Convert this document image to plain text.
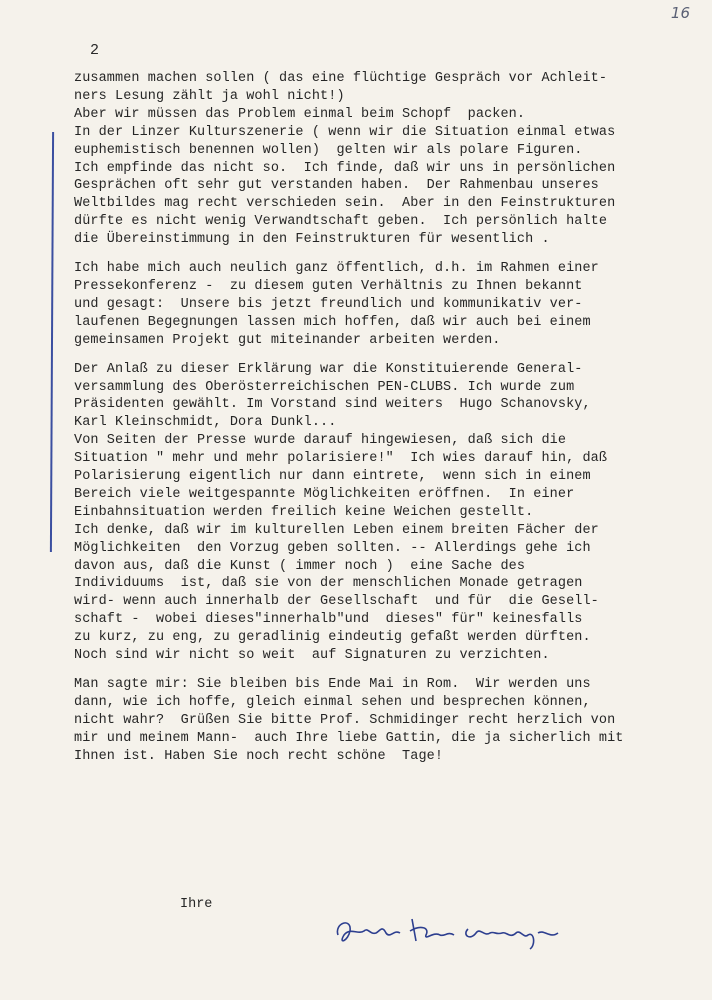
16
2
zusammen machen sollen ( das eine flüchtige Gespräch vor Achleit-
ners Lesung zählt ja wohl nicht!)
Aber wir müssen das Problem einmal beim Schopf  packen.
In der Linzer Kulturszenerie ( wenn wir die Situation einmal etwas
euphemistisch benennen wollen)  gelten wir als polare Figuren.
Ich empfinde das nicht so.  Ich finde, daß wir uns in persönlichen
Gesprächen oft sehr gut verstanden haben.  Der Rahmenbau unseres
Weltbildes mag recht verschieden sein.  Aber in den Feinstrukturen
dürfte es nicht wenig Verwandtschaft geben.  Ich persönlich halte
die Übereinstimmung in den Feinstrukturen für wesentlich .
Ich habe mich auch neulich ganz öffentlich, d.h. im Rahmen einer
Pressekonferenz -  zu diesem guten Verhältnis zu Ihnen bekannt
und gesagt:  Unsere bis jetzt freundlich und kommunikativ ver-
laufenen Begegnungen lassen mich hoffen, daß wir auch bei einem
gemeinsamen Projekt gut miteinander arbeiten werden.
Der Anlaß zu dieser Erklärung war die Konstituierende General-
versammlung des Oberösterreichischen PEN-CLUBS. Ich wurde zum
Präsidenten gewählt. Im Vorstand sind weiters  Hugo Schanovsky,
Karl Kleinschmidt, Dora Dunkl...
Von Seiten der Presse wurde darauf hingewiesen, daß sich die
Situation " mehr und mehr polarisiere!"  Ich wies darauf hin, daß
Polarisierung eigentlich nur dann eintrete,  wenn sich in einem
Bereich viele weitgespannte Möglichkeiten eröffnen.  In einer
Einbahnsituation werden freilich keine Weichen gestellt.
Ich denke, daß wir im kulturellen Leben einem breiten Fächer der
Möglichkeiten  den Vorzug geben sollten. -- Allerdings gehe ich
davon aus, daß die Kunst ( immer noch )  eine Sache des
Individuums  ist, daß sie von der menschlichen Monade getragen
wird- wenn auch innerhalb der Gesellschaft  und für  die Gesell-
schaft -  wobei dieses"innerhalb"und  dieses" für" keinesfalls
zu kurz, zu eng, zu geradlinig eindeutig gefaßt werden dürften.
Noch sind wir nicht so weit  auf Signaturen zu verzichten.
Man sagte mir: Sie bleiben bis Ende Mai in Rom.  Wir werden uns
dann, wie ich hoffe, gleich einmal sehen und besprechen können,
nicht wahr?  Grüßen Sie bitte Prof. Schmidinger recht herzlich von
mir und meinem Mann-  auch Ihre liebe Gattin, die ja sicherlich mit
Ihnen ist. Haben Sie noch recht schöne  Tage!
Ihre
